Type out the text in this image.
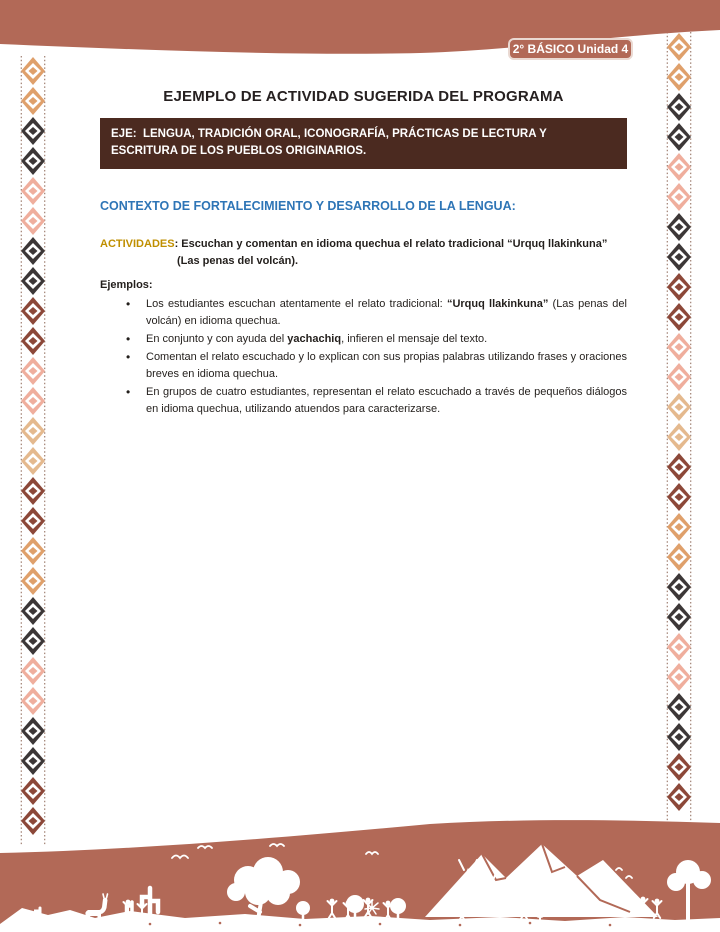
2° BÁSICO Unidad 4
EJEMPLO DE ACTIVIDAD SUGERIDA DEL PROGRAMA
EJE:  LENGUA, TRADICIÓN ORAL, ICONOGRAFÍA, PRÁCTICAS DE LECTURA Y ESCRITURA DE LOS PUEBLOS ORIGINARIOS.
CONTEXTO DE FORTALECIMIENTO Y DESARROLLO DE LA LENGUA:
ACTIVIDADES: Escuchan y comentan en idioma quechua el relato tradicional “Urquq llakinkuna” (Las penas del volcán).
Ejemplos:
• Los estudiantes escuchan atentamente el relato tradicional: “Urquq llakinkuna” (Las penas del volcán) en idioma quechua.
• En conjunto y con ayuda del yachachiq, infieren el mensaje del texto.
• Comentan el relato escuchado y lo explican con sus propias palabras utilizando frases y oraciones breves en idioma quechua.
• En grupos de cuatro estudiantes, representan el relato escuchado a través de pequeños diálogos en idioma quechua, utilizando atuendos para caracterizarse.
